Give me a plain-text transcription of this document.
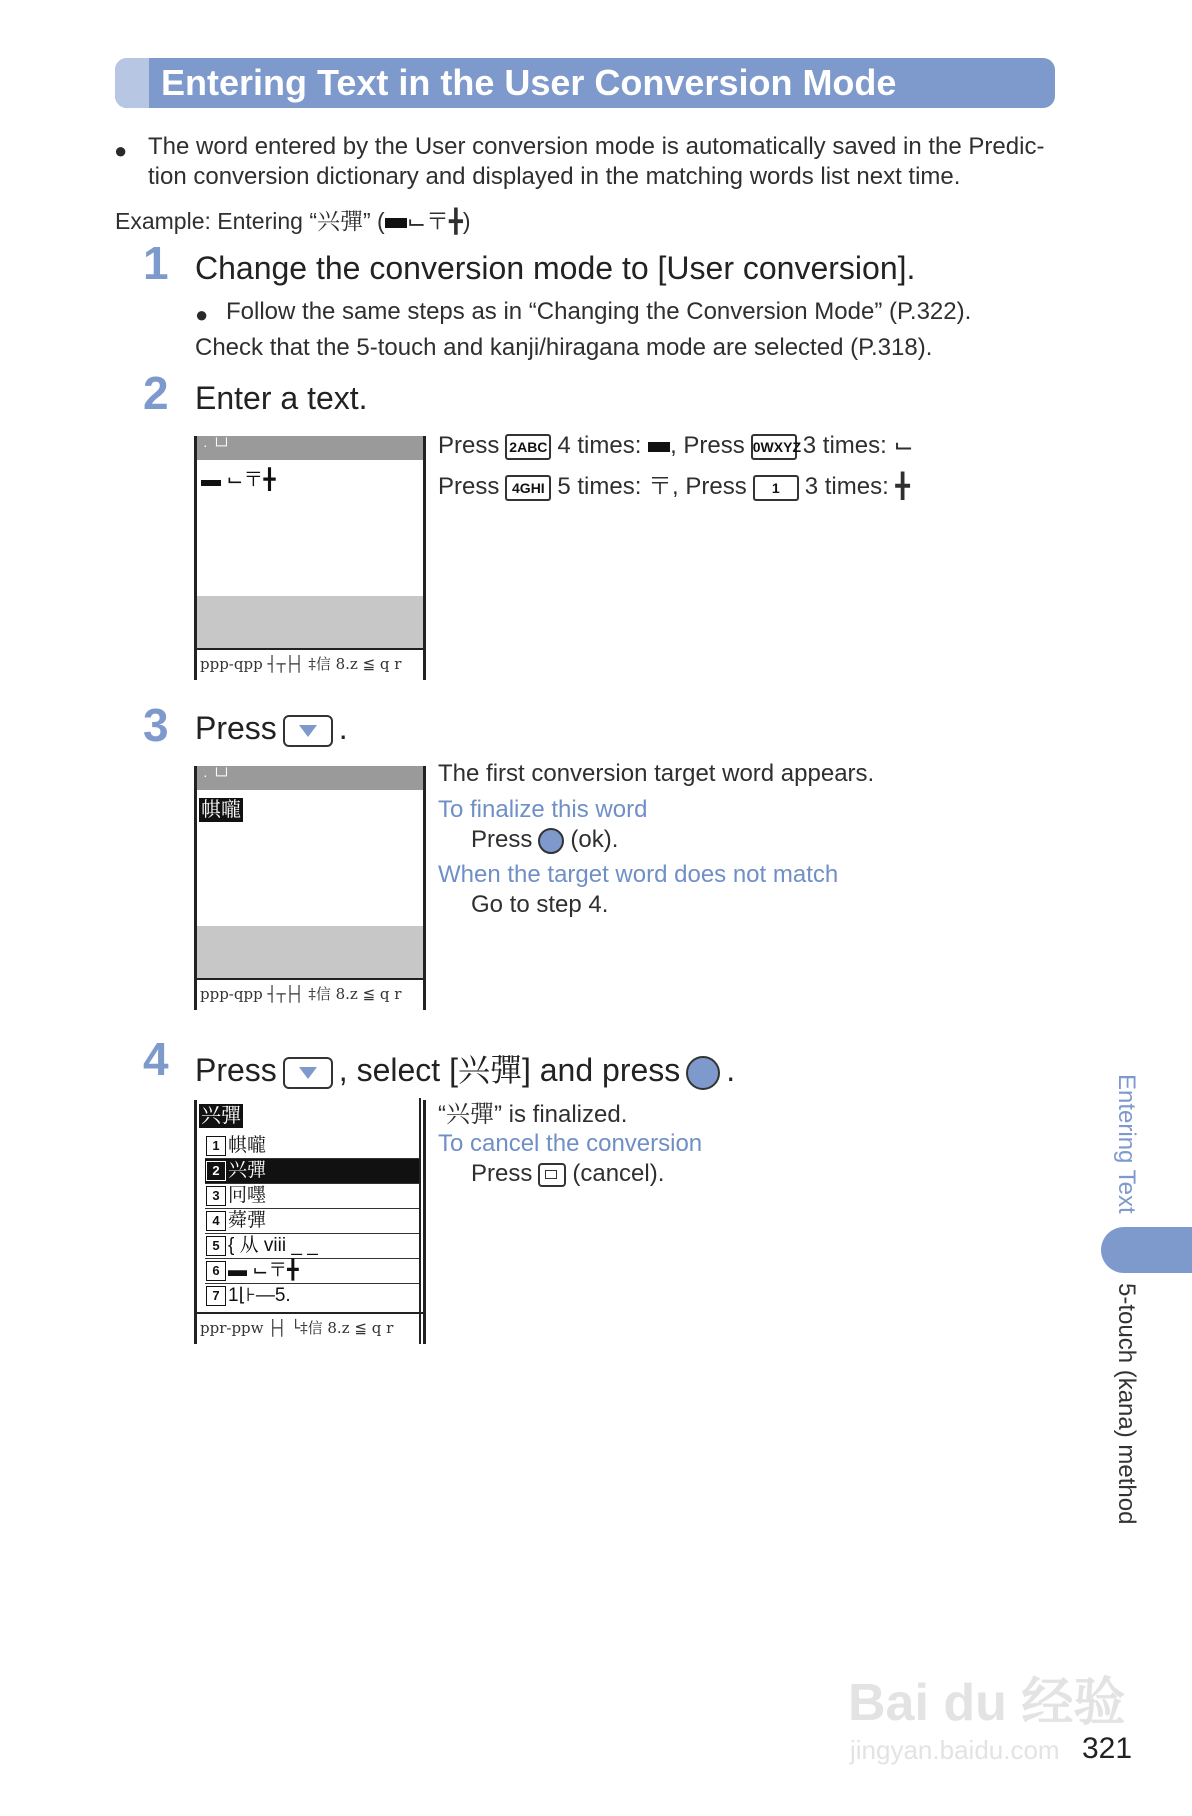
Entering Text in the User Conversion Mode
● The word entered by the User conversion mode is automatically saved in the Predic-
tion conversion dictionary and displayed in the matching words list next time.
Example: Entering “兴彈” ( ⌙〒╋)
1 Change the conversion mode to [User conversion].
● Follow the same steps as in “Changing the Conversion Mode” (P.322).
Check that the 5-touch and kanji/hiragana mode are selected (P.318).
2 Enter a text.
· └┘
▬ ⌙〒╋
ppp-qpp ┤┬├┤ ‡信 8.z ≦ q r
Press 2ABC 4 times: , Press 0WXYZ3 times: ⌙
Press 4GHI 5 times: 〒, Press 1 3 times: ╋
3 Press .
· └┘
帺嚨
ppp-qpp ┤┬├┤ ‡信 8.z ≦ q r
The first conversion target word appears.
To finalize this word
Press (ok).
When the target word does not match
Go to step 4.
4 Press , select [兴彈] and press .
兴彈
1 帺嚨
2 兴彈
3 冋嚜
4 蕣彈
5 { 从 viii _ _
6 ▬ ⌙〒╋
7 1⌊⊦—5.
ppr-ppw ├┤ └‡信 8.z ≦ q r
“兴彈” is finalized.
To cancel the conversion
Press (cancel).	Entering Text
5-touch (kana) method
Bai du 经验
jingyan.baidu.com 321
